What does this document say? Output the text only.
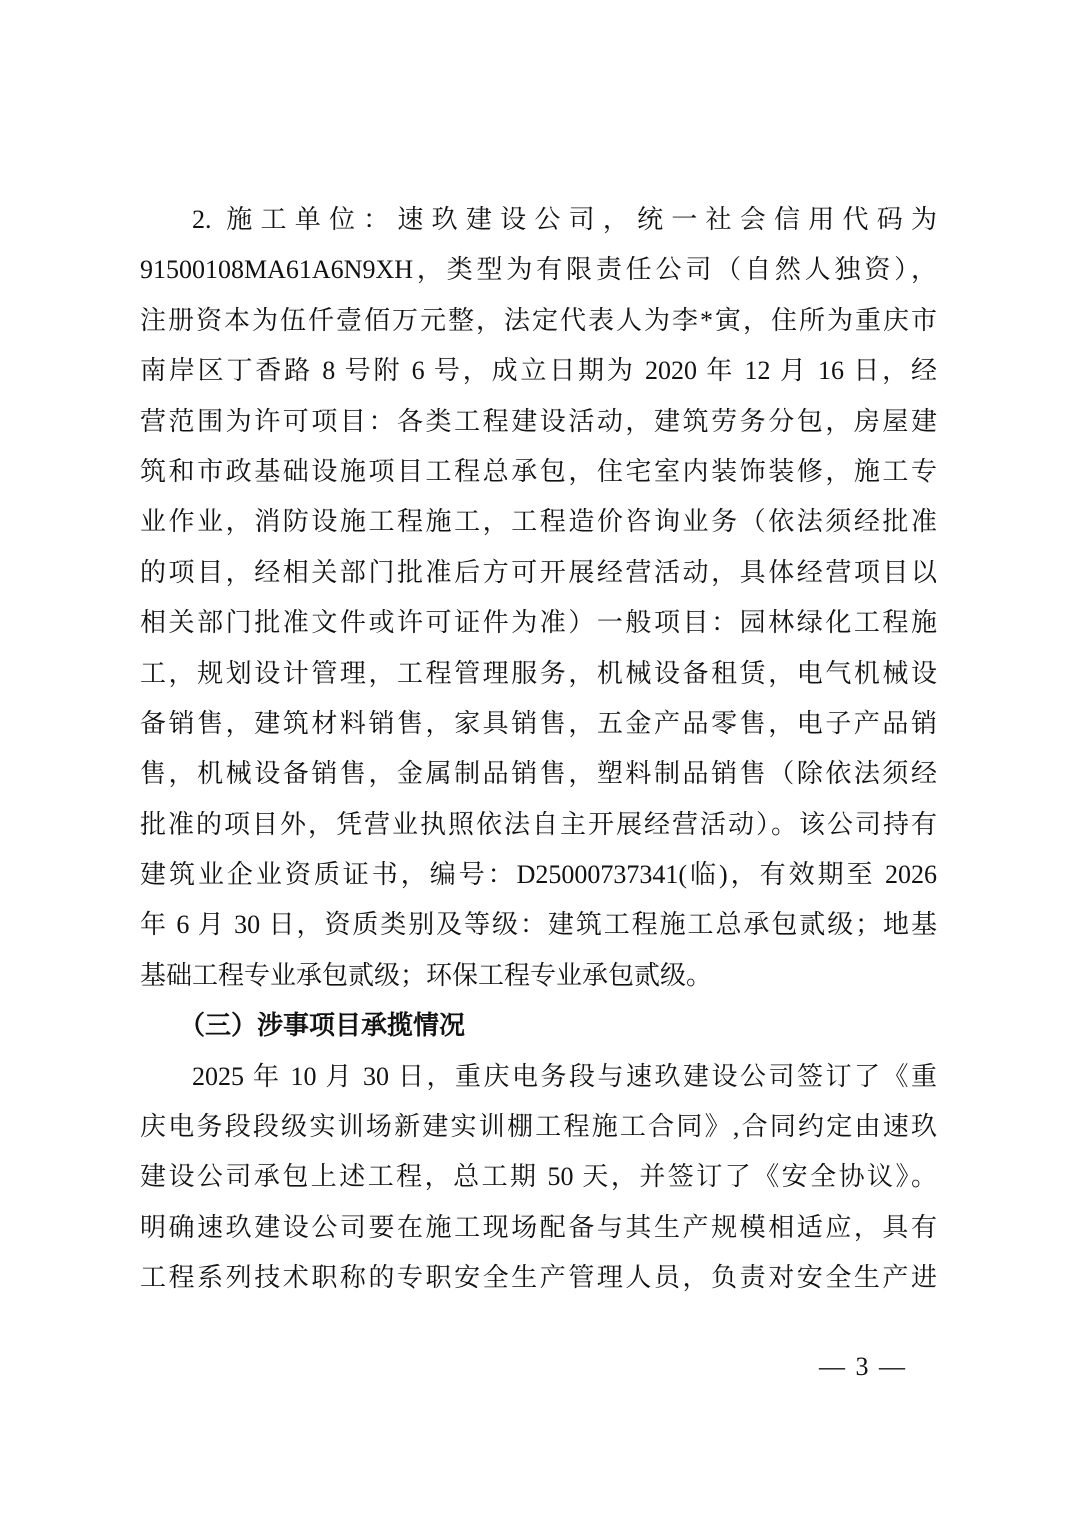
2. 施工单位：速玖建设公司，统一社会信用代码为
91500108MA61A6N9XH，类型为有限责任公司（自然人独资），
注册资本为伍仟壹佰万元整，法定代表人为李*寅，住所为重庆市
南岸区丁香路 8 号附 6 号，成立日期为 2020 年 12 月 16 日，经
营范围为许可项目：各类工程建设活动，建筑劳务分包，房屋建
筑和市政基础设施项目工程总承包，住宅室内装饰装修，施工专
业作业，消防设施工程施工，工程造价咨询业务（依法须经批准
的项目，经相关部门批准后方可开展经营活动，具体经营项目以
相关部门批准文件或许可证件为准）一般项目：园林绿化工程施
工，规划设计管理，工程管理服务，机械设备租赁，电气机械设
备销售，建筑材料销售，家具销售，五金产品零售，电子产品销
售，机械设备销售，金属制品销售，塑料制品销售（除依法须经
批准的项目外，凭营业执照依法自主开展经营活动）。该公司持有
建筑业企业资质证书，编号：D25000737341(临)，有效期至 2026
年 6 月 30 日，资质类别及等级：建筑工程施工总承包贰级；地基
基础工程专业承包贰级；环保工程专业承包贰级。
（三）涉事项目承揽情况
2025 年 10 月 30 日，重庆电务段与速玖建设公司签订了《重
庆电务段段级实训场新建实训棚工程施工合同》,合同约定由速玖
建设公司承包上述工程，总工期 50 天，并签订了《安全协议》。
明确速玖建设公司要在施工现场配备与其生产规模相适应，具有
工程系列技术职称的专职安全生产管理人员，负责对安全生产进
— 3 —
